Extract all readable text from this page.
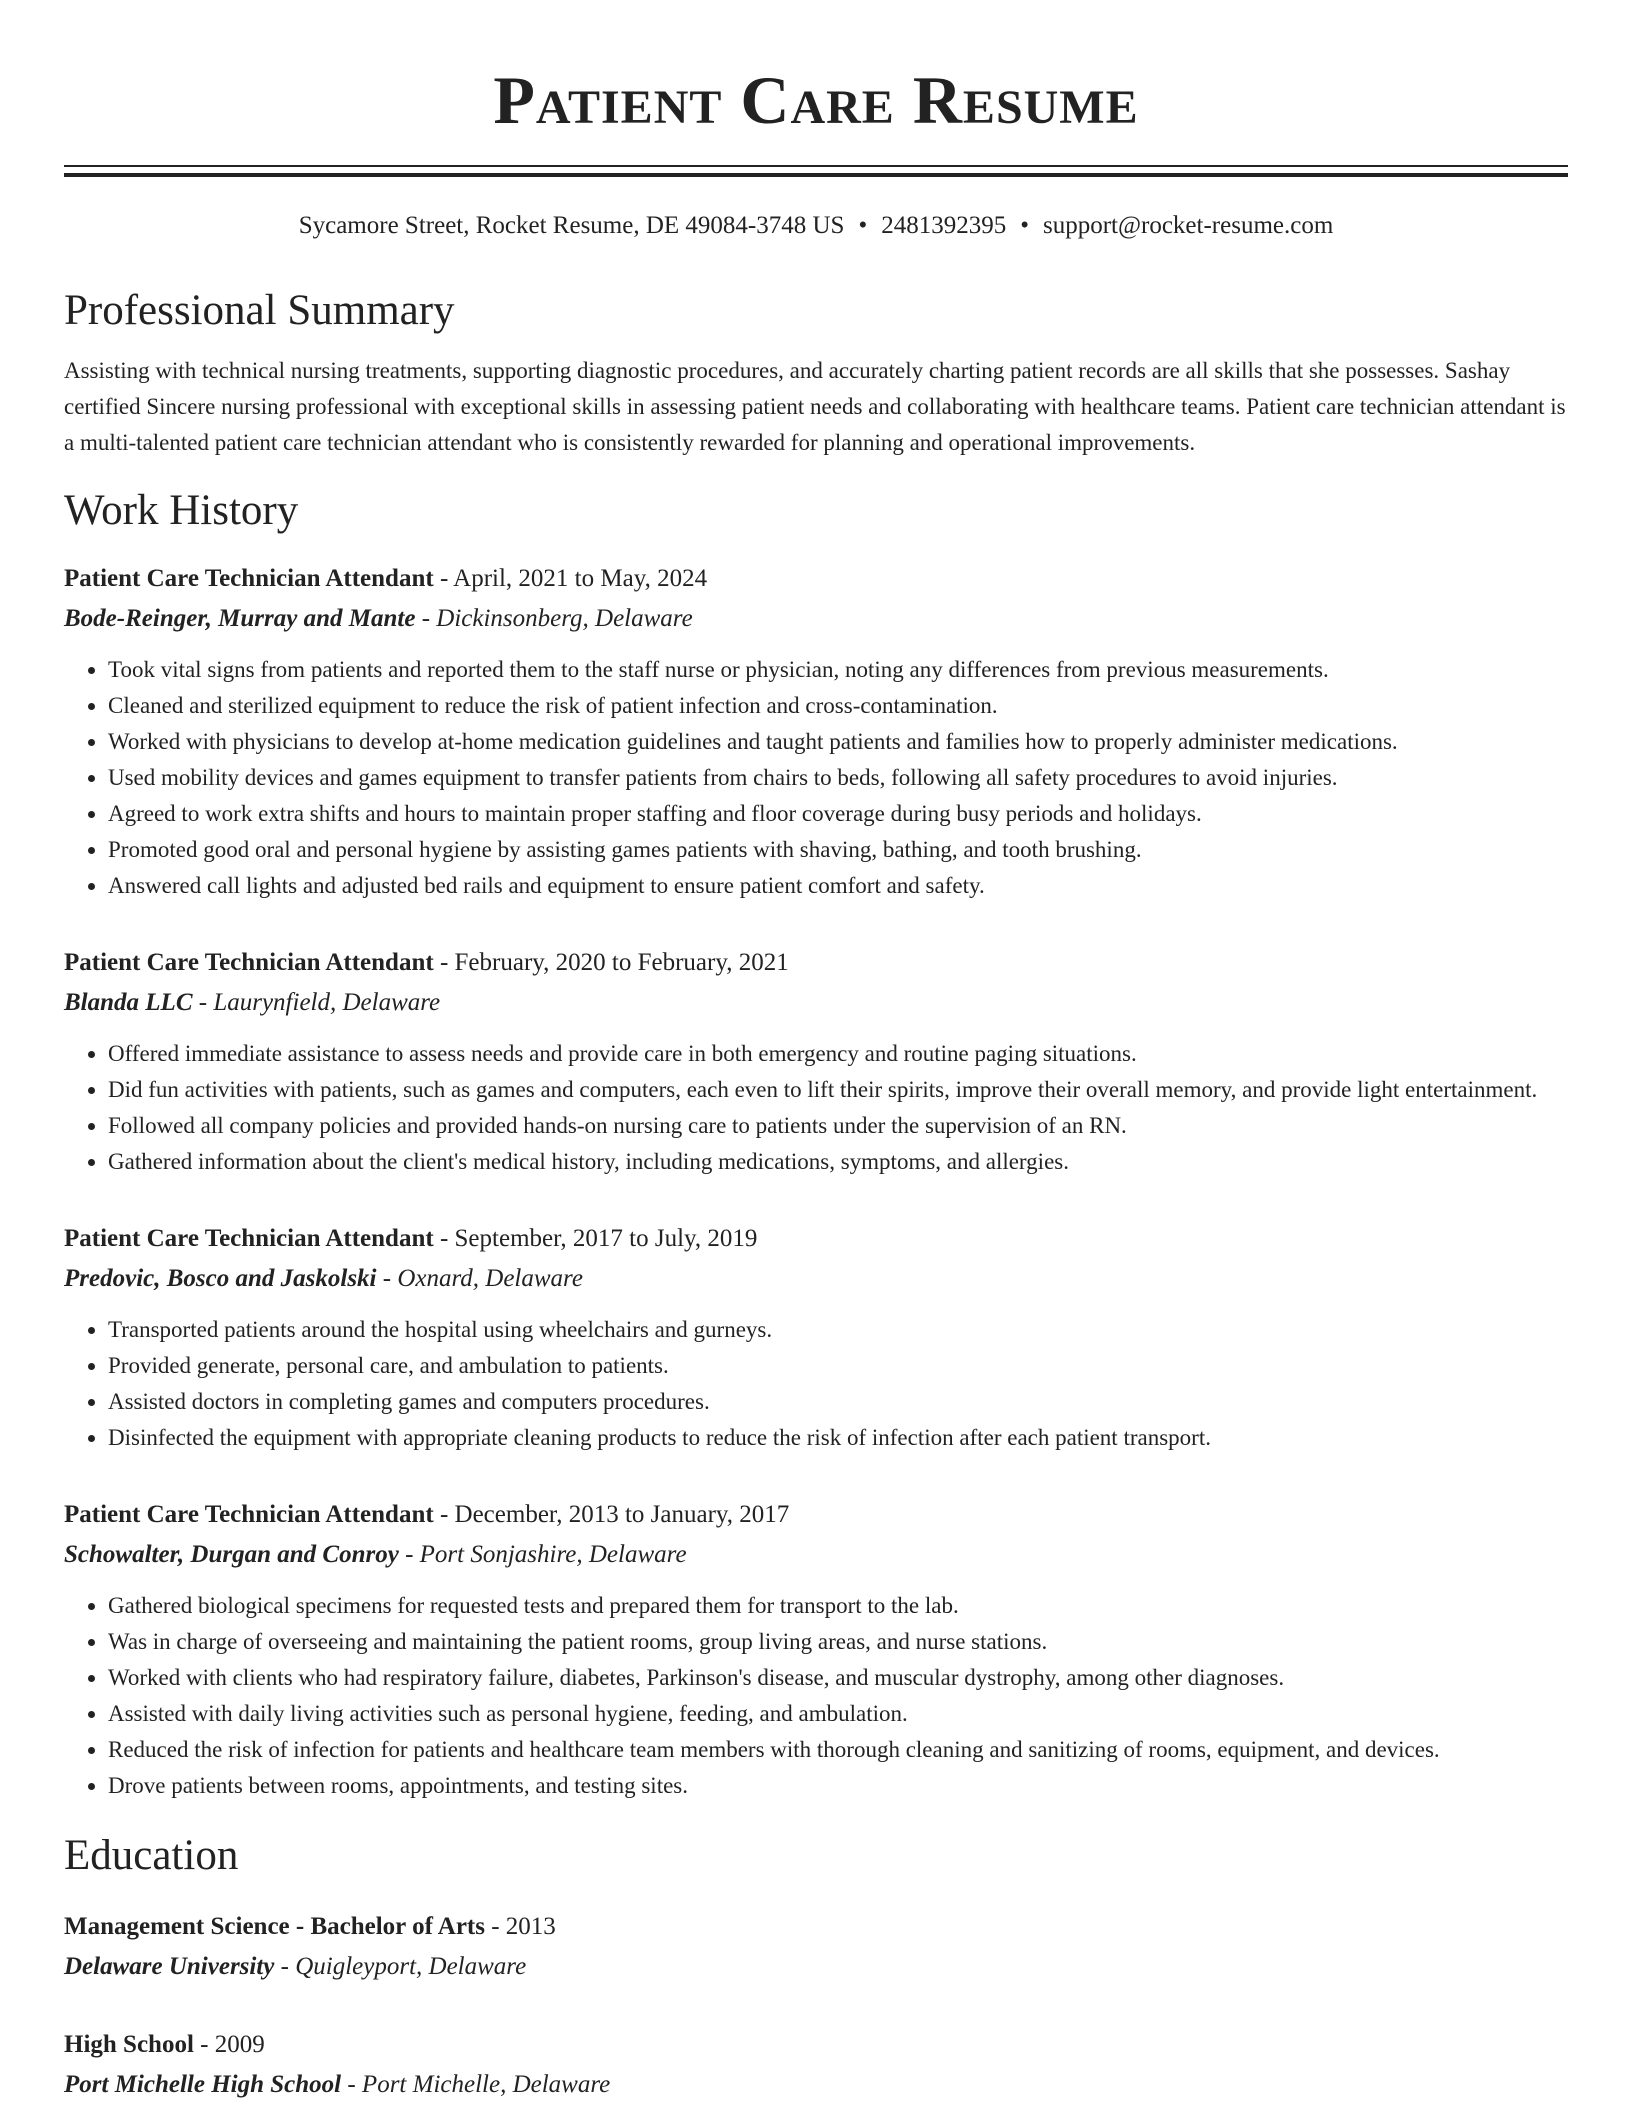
Patient Care Resume
Sycamore Street, Rocket Resume, DE 49084-3748 US • 2481392395 • support@rocket-resume.com
Professional Summary
Assisting with technical nursing treatments, supporting diagnostic procedures, and accurately charting patient records are all skills that she possesses. Sashay certified Sincere nursing professional with exceptional skills in assessing patient needs and collaborating with healthcare teams. Patient care technician attendant is a multi-talented patient care technician attendant who is consistently rewarded for planning and operational improvements.
Work History
Patient Care Technician Attendant - April, 2021 to May, 2024
Bode-Reinger, Murray and Mante - Dickinsonberg, Delaware
• Took vital signs from patients and reported them to the staff nurse or physician, noting any differences from previous measurements.
• Cleaned and sterilized equipment to reduce the risk of patient infection and cross-contamination.
• Worked with physicians to develop at-home medication guidelines and taught patients and families how to properly administer medications.
• Used mobility devices and games equipment to transfer patients from chairs to beds, following all safety procedures to avoid injuries.
• Agreed to work extra shifts and hours to maintain proper staffing and floor coverage during busy periods and holidays.
• Promoted good oral and personal hygiene by assisting games patients with shaving, bathing, and tooth brushing.
• Answered call lights and adjusted bed rails and equipment to ensure patient comfort and safety.
Patient Care Technician Attendant - February, 2020 to February, 2021
Blanda LLC - Laurynfield, Delaware
• Offered immediate assistance to assess needs and provide care in both emergency and routine paging situations.
• Did fun activities with patients, such as games and computers, each even to lift their spirits, improve their overall memory, and provide light entertainment.
• Followed all company policies and provided hands-on nursing care to patients under the supervision of an RN.
• Gathered information about the client's medical history, including medications, symptoms, and allergies.
Patient Care Technician Attendant - September, 2017 to July, 2019
Predovic, Bosco and Jaskolski - Oxnard, Delaware
• Transported patients around the hospital using wheelchairs and gurneys.
• Provided generate, personal care, and ambulation to patients.
• Assisted doctors in completing games and computers procedures.
• Disinfected the equipment with appropriate cleaning products to reduce the risk of infection after each patient transport.
Patient Care Technician Attendant - December, 2013 to January, 2017
Schowalter, Durgan and Conroy - Port Sonjashire, Delaware
• Gathered biological specimens for requested tests and prepared them for transport to the lab.
• Was in charge of overseeing and maintaining the patient rooms, group living areas, and nurse stations.
• Worked with clients who had respiratory failure, diabetes, Parkinson's disease, and muscular dystrophy, among other diagnoses.
• Assisted with daily living activities such as personal hygiene, feeding, and ambulation.
• Reduced the risk of infection for patients and healthcare team members with thorough cleaning and sanitizing of rooms, equipment, and devices.
• Drove patients between rooms, appointments, and testing sites.
Education
Management Science - Bachelor of Arts - 2013
Delaware University - Quigleyport, Delaware
High School - 2009
Port Michelle High School - Port Michelle, Delaware
